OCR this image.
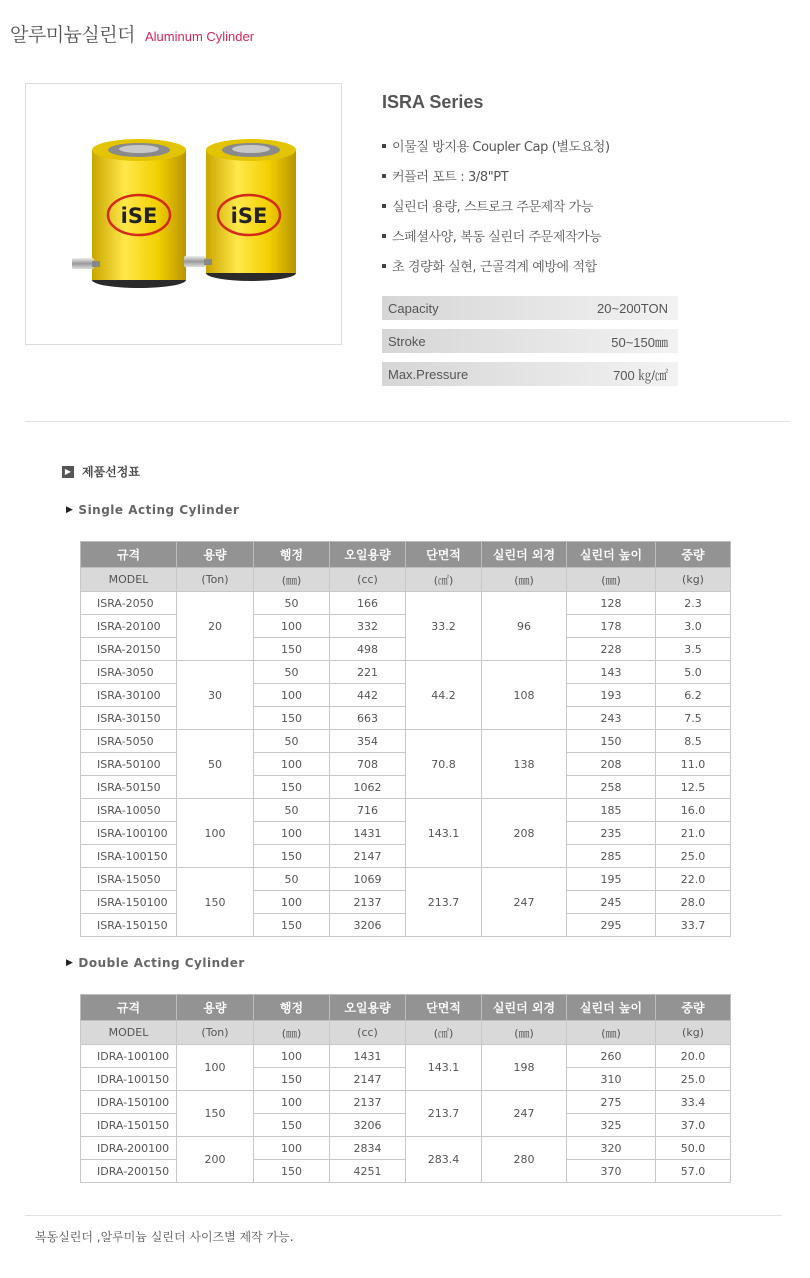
알루미늄실린더 Aluminum Cylinder
iSE	iSE
ISRA Series
이물질 방지용 Coupler Cap (별도요청)
커플러 포트 : 3/8"PT
실린더 용량, 스트로크 주문제작 가능
스페셜사양, 복동 실린더 주문제작가능
초 경량화 실현, 근골격계 예방에 적합
Capacity	20~200TON
Stroke	50~150㎜
Max.Pressure	700 ㎏/㎠
▶ 제품선정표
▶ Single Acting Cylinder
규격	용량	행정	오일용량	단면적	실린더 외경	실린더 높이	중량
MODEL	(Ton)	(㎜)	(cc)	(㎠)	(㎜)	(㎜)	(kg)
ISRA-2050	20	50	166	33.2	96	128	2.3
ISRA-20100		100	332			178	3.0
ISRA-20150		150	498			228	3.5
ISRA-3050	30	50	221	44.2	108	143	5.0
ISRA-30100		100	442			193	6.2
ISRA-30150		150	663			243	7.5
ISRA-5050	50	50	354	70.8	138	150	8.5
ISRA-50100		100	708			208	11.0
ISRA-50150		150	1062			258	12.5
ISRA-10050	100	50	716	143.1	208	185	16.0
ISRA-100100		100	1431			235	21.0
ISRA-100150		150	2147			285	25.0
ISRA-15050	150	50	1069	213.7	247	195	22.0
ISRA-150100		100	2137			245	28.0
ISRA-150150		150	3206			295	33.7
▶ Double Acting Cylinder
규격	용량	행정	오일용량	단면적	실린더 외경	실린더 높이	중량
MODEL	(Ton)	(㎜)	(cc)	(㎠)	(㎜)	(㎜)	(kg)
IDRA-100100	100	100	1431	143.1	198	260	20.0
IDRA-100150		150	2147			310	25.0
IDRA-150100	150	100	2137	213.7	247	275	33.4
IDRA-150150		150	3206			325	37.0
IDRA-200100	200	100	2834	283.4	280	320	50.0
IDRA-200150		150	4251			370	57.0
복동실린더 ,알루미늄 실린더 사이즈별 제작 가능.
